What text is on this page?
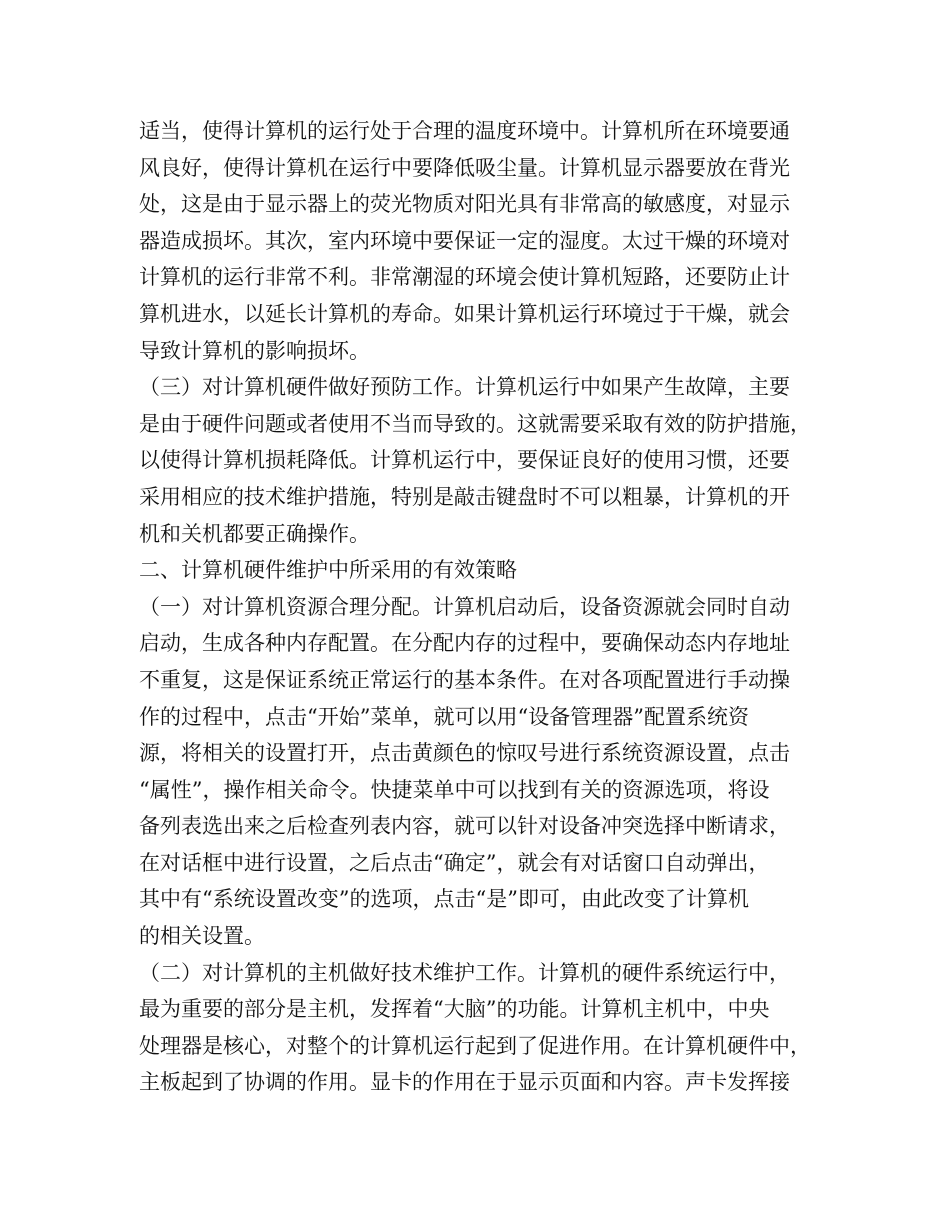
适当，使得计算机的运行处于合理的温度环境中。计算机所在环境要通
风良好，使得计算机在运行中要降低吸尘量。计算机显示器要放在背光
处，这是由于显示器上的荧光物质对阳光具有非常高的敏感度，对显示
器造成损坏。其次，室内环境中要保证一定的湿度。太过干燥的环境对
计算机的运行非常不利。非常潮湿的环境会使计算机短路，还要防止计
算机进水，以延长计算机的寿命。如果计算机运行环境过于干燥，就会
导致计算机的影响损坏。
（三）对计算机硬件做好预防工作。计算机运行中如果产生故障，主要
是由于硬件问题或者使用不当而导致的。这就需要采取有效的防护措施，
以使得计算机损耗降低。计算机运行中，要保证良好的使用习惯，还要
采用相应的技术维护措施，特别是敲击键盘时不可以粗暴，计算机的开
机和关机都要正确操作。
二、计算机硬件维护中所采用的有效策略
（一）对计算机资源合理分配。计算机启动后，设备资源就会同时自动
启动，生成各种内存配置。在分配内存的过程中，要确保动态内存地址
不重复，这是保证系统正常运行的基本条件。在对各项配置进行手动操
作的过程中，点击“开始”菜单，就可以用“设备管理器”配置系统资
源，将相关的设置打开，点击黄颜色的惊叹号进行系统资源设置，点击
“属性”，操作相关命令。快捷菜单中可以找到有关的资源选项，将设
备列表选出来之后检查列表内容，就可以针对设备冲突选择中断请求，
在对话框中进行设置，之后点击“确定”，就会有对话窗口自动弹出，
其中有“系统设置改变”的选项，点击“是”即可，由此改变了计算机
的相关设置。
（二）对计算机的主机做好技术维护工作。计算机的硬件系统运行中，
最为重要的部分是主机，发挥着“大脑”的功能。计算机主机中，中央
处理器是核心，对整个的计算机运行起到了促进作用。在计算机硬件中，
主板起到了协调的作用。显卡的作用在于显示页面和内容。声卡发挥接
